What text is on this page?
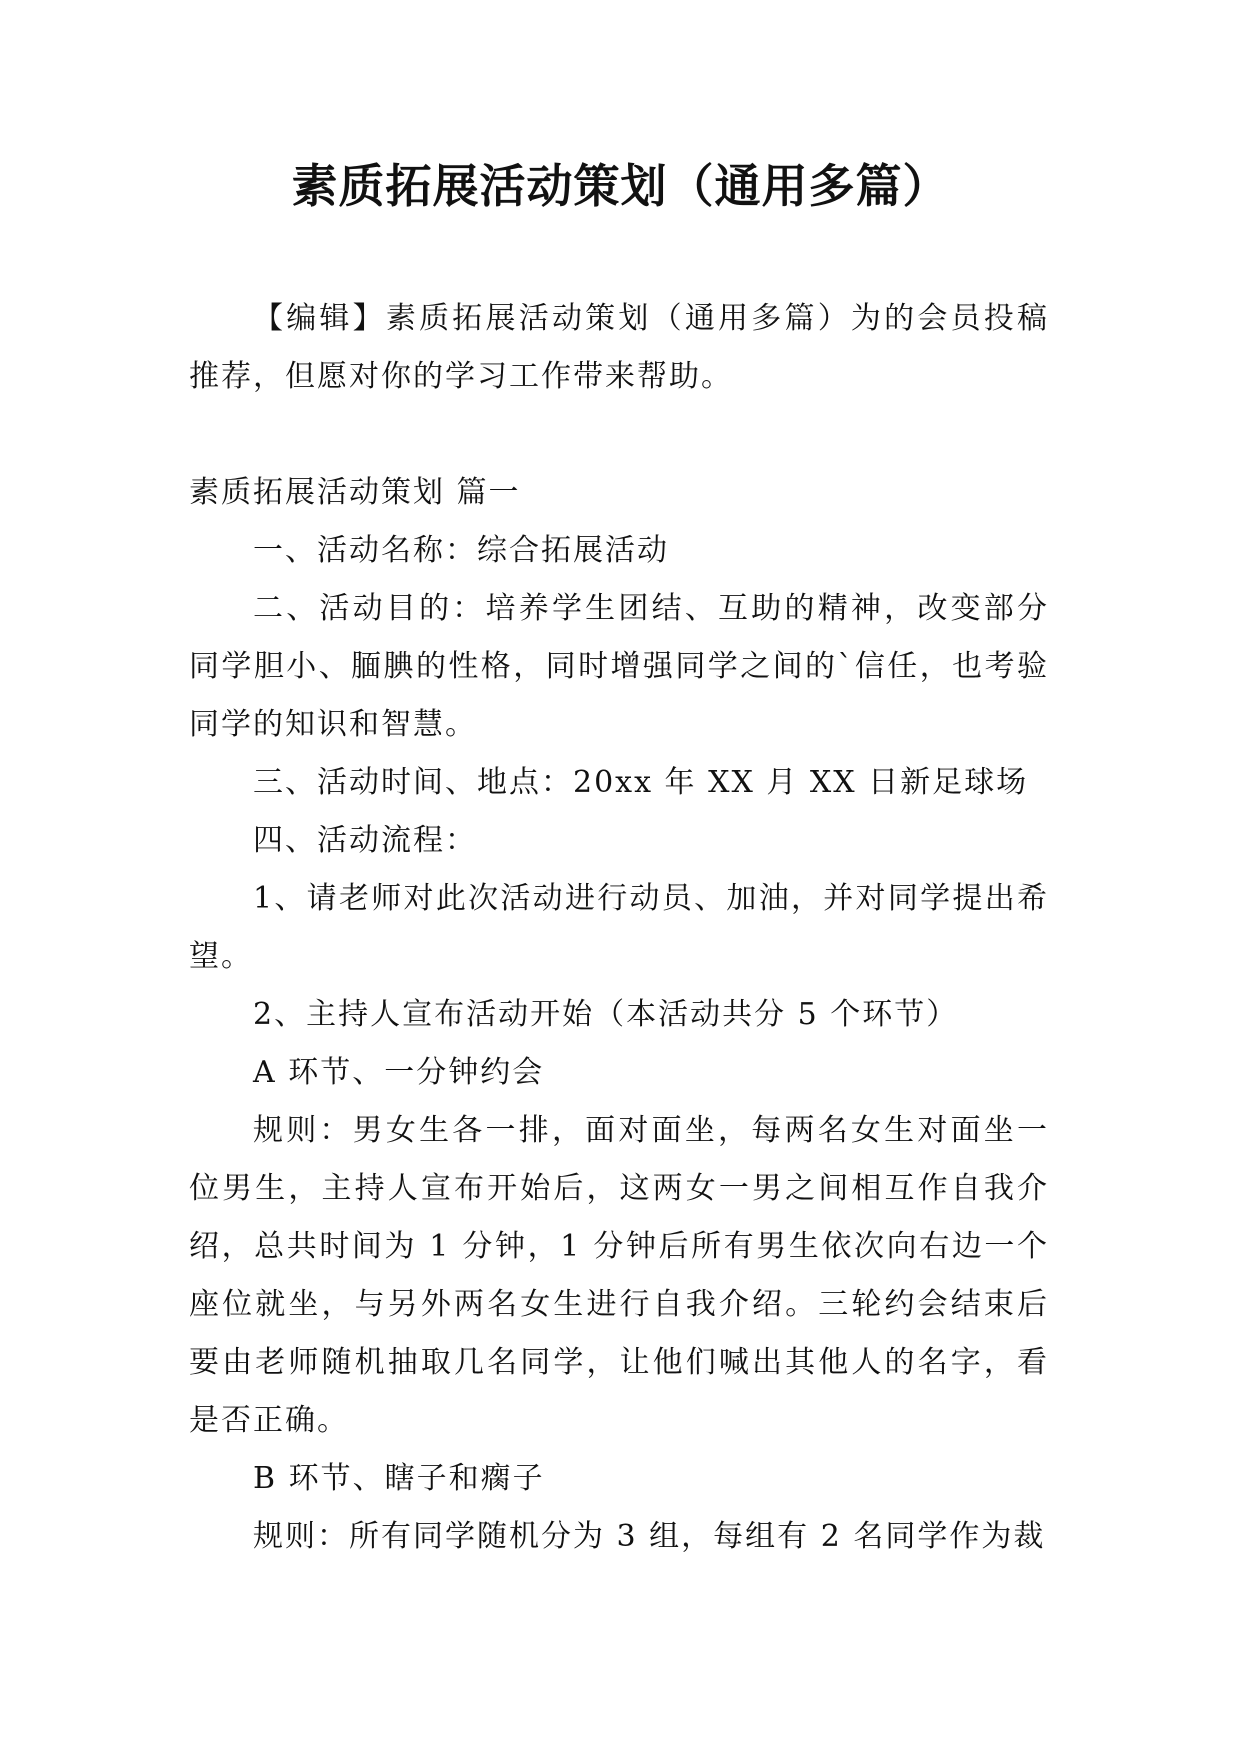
素质拓展活动策划（通用多篇）

【编辑】素质拓展活动策划（通用多篇）为的会员投稿推荐，但愿对你的学习工作带来帮助。

素质拓展活动策划 篇一

一、活动名称：综合拓展活动

二、活动目的：培养学生团结、互助的精神，改变部分同学胆小、腼腆的性格，同时增强同学之间的`信任，也考验同学的知识和智慧。

三、活动时间、地点：20xx 年 XX 月 XX 日新足球场

四、活动流程：

1、请老师对此次活动进行动员、加油，并对同学提出希望。

2、主持人宣布活动开始（本活动共分 5 个环节）

A 环节、一分钟约会

规则：男女生各一排，面对面坐，每两名女生对面坐一位男生，主持人宣布开始后，这两女一男之间相互作自我介绍，总共时间为 1 分钟，1 分钟后所有男生依次向右边一个座位就坐，与另外两名女生进行自我介绍。三轮约会结束后要由老师随机抽取几名同学，让他们喊出其他人的名字，看是否正确。

B 环节、瞎子和瘸子

规则：所有同学随机分为 3 组，每组有 2 名同学作为裁
